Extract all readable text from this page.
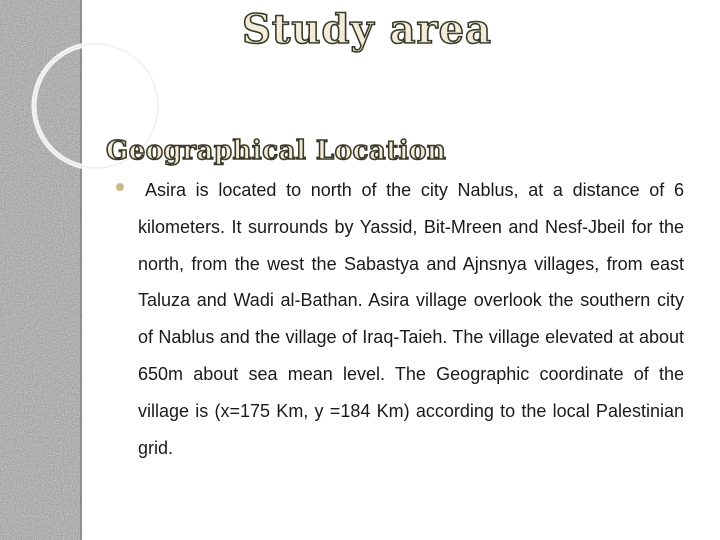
Study area
Geographical Location

Asira is located to north of the city Nablus, at a distance of 6 kilometers. It surrounds by Yassid, Bit-Mreen and Nesf-Jbeil for the north, from the west the Sabastya and Ajnsnya villages, from east Taluza and Wadi al-Bathan. Asira village overlook the southern city of Nablus and the village of Iraq-Taieh. The village elevated at about 650m about sea mean level. The Geographic coordinate of the village is (x=175 Km, y =184 Km) according to the local Palestinian grid.
